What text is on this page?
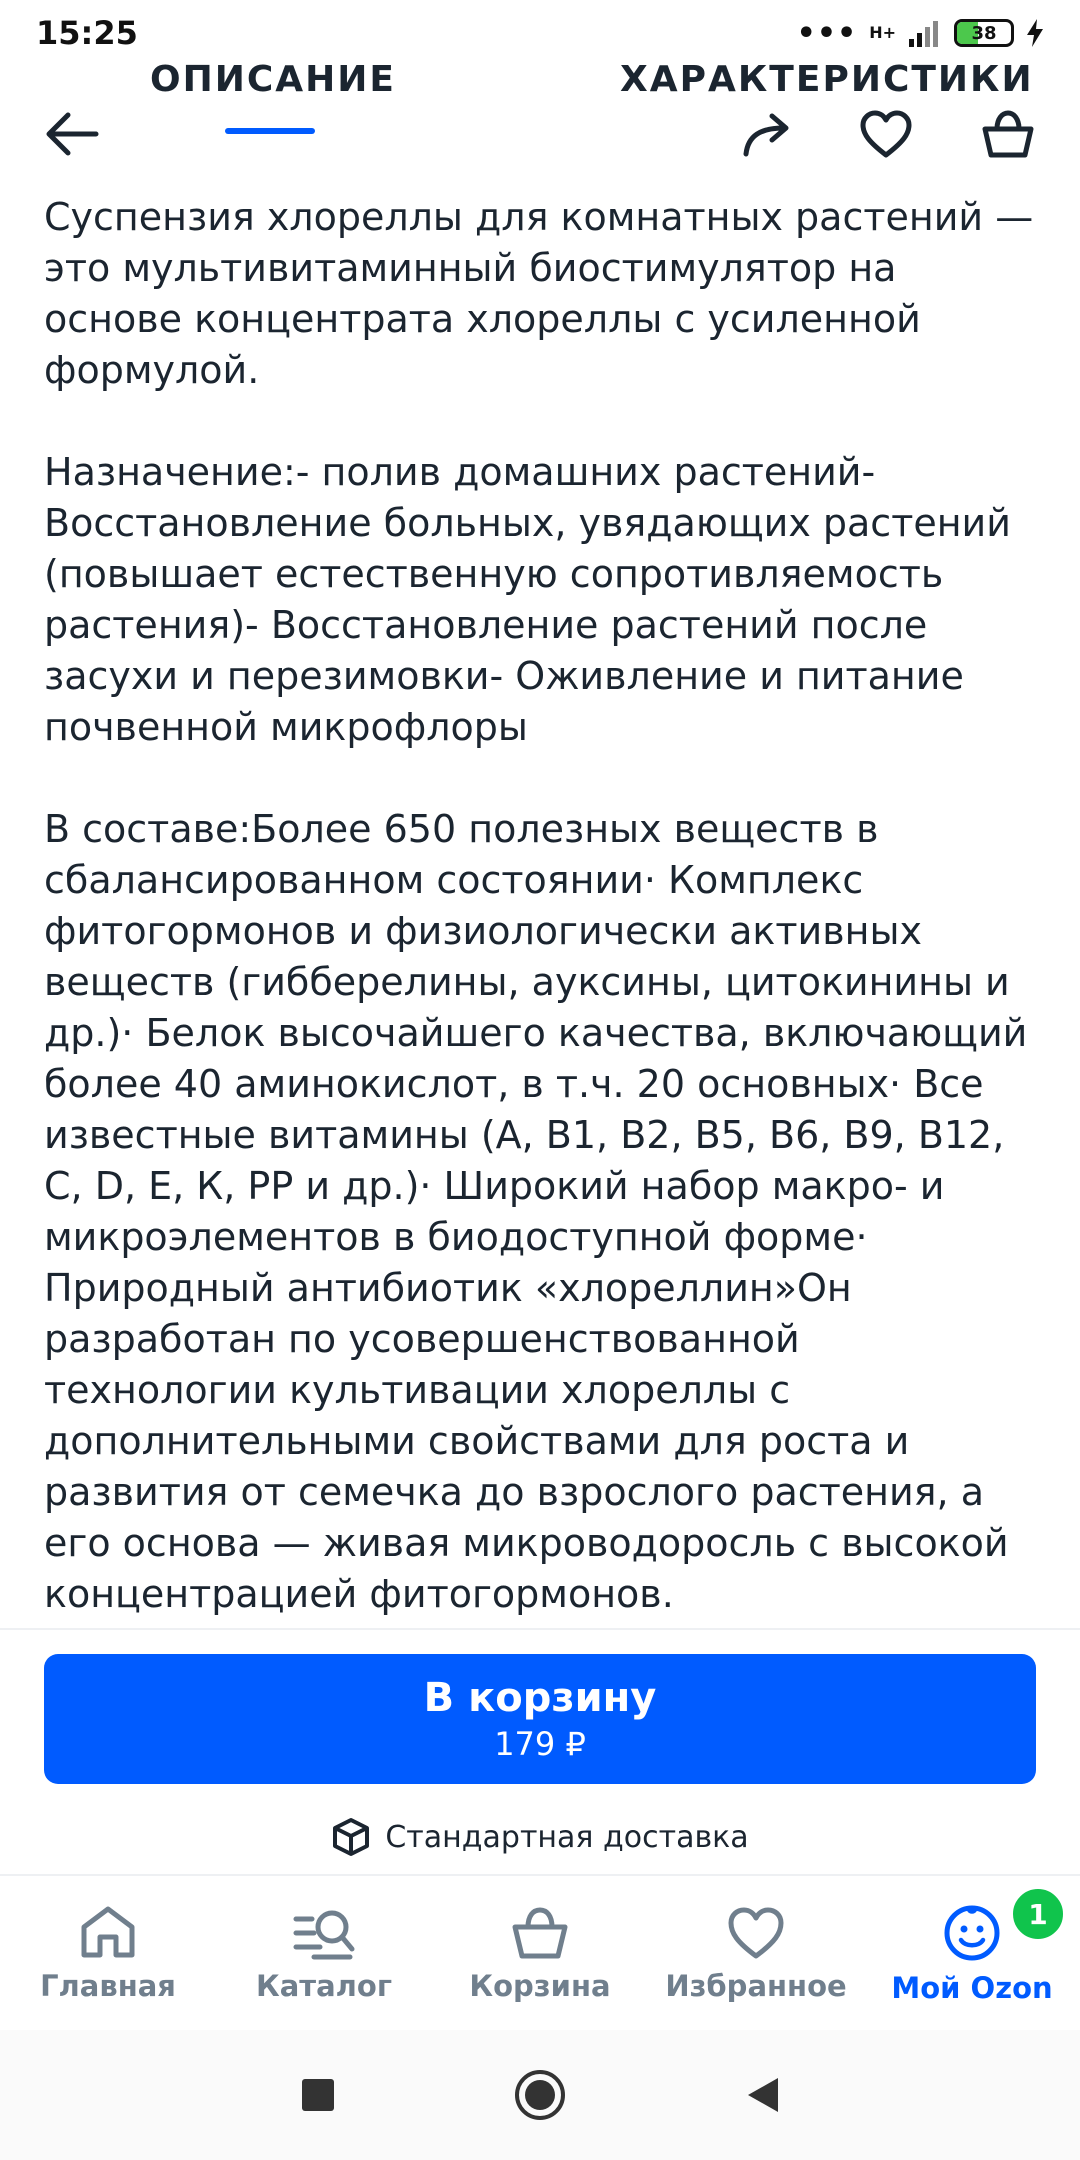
15:25	••• H+	38
ОПИСАНИЕ	ХАРАКТЕРИСТИКИ

Суспензия хлореллы для комнатных растений — это мультивитаминный биостимулятор на основе концентрата хлореллы с усиленной формулой.

Назначение:- полив домашних растений- Восстановление больных, увядающих растений (повышает естественную сопротивляемость растения)- Восстановление растений после засухи и перезимовки- Оживление и питание почвенной микрофлоры

В составе:Более 650 полезных веществ в сбалансированном состоянии· Комплекс фитогормонов и физиологически активных веществ (гибберелины, ауксины, цитокинины и др.)· Белок высочайшего качества, включающий более 40 аминокислот, в т.ч. 20 основных· Все известные витамины (А, В1, В2, В5, В6, В9, В12, С, D, Е, К, РР и др.)· Широкий набор макро- и микроэлементов в биодоступной форме· Природный антибиотик «хлореллин»Он разработан по усовершенствованной технологии культивации хлореллы с дополнительными свойствами для роста и развития от семечка до взрослого растения, а его основа — живая микроводоросль с высокой концентрацией фитогормонов.

В корзину
179 ₽
Стандартная доставка
Главная	Каталог	Корзина Избранное Мой Ozon
1
